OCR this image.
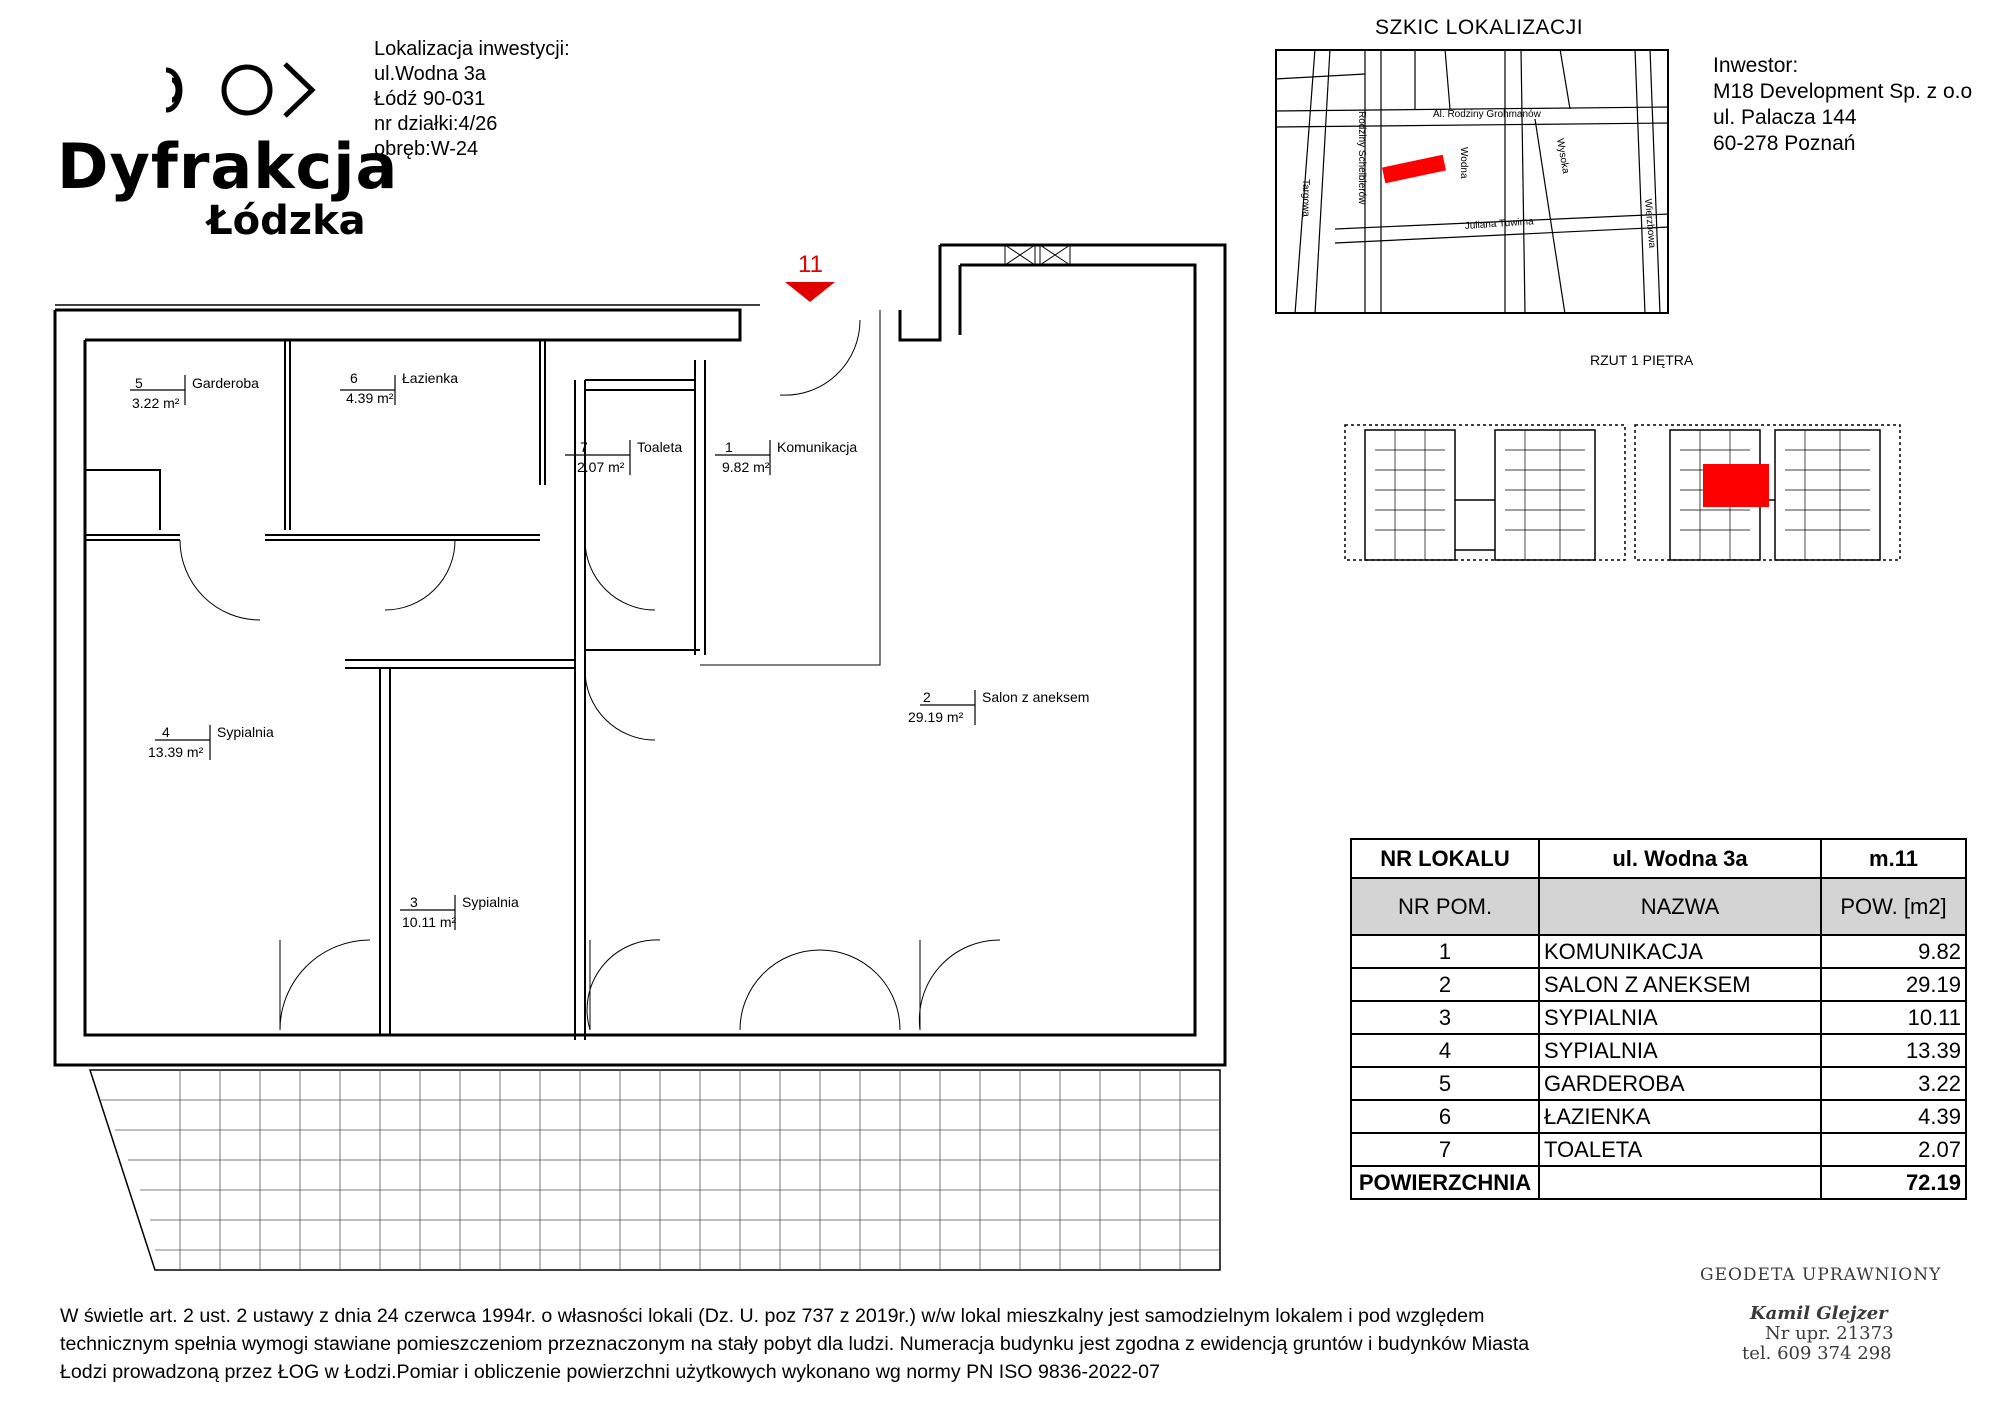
Dyfrakcja
Łódzka
Lokalizacja inwestycji:
ul.Wodna 3a
Łódź 90-031
nr działki:4/26
obręb:W-24
Inwestor:
M18 Development Sp. z o.o
ul. Palacza 144
60-278 Poznań
SZKIC LOKALIZACJI
Al. Rodziny Grohmanów
Rodziny Scheiblerów
Targowa
Wodna	Wysoka
Juliana Tuwima	Wierzbowa
RZUT 1 PIĘTRA
11
5	Garderoba
3.22 m²
6	Łazienka
4.39 m²
7	Toaleta
2.07 m²
1	Komunikacja
9.82 m²
2	Salon z aneksem
29.19 m²
4	Sypialnia
13.39 m²
3	Sypialnia
10.11 m²
NR LOKALU	ul. Wodna 3a	m.11
NR POM.	NAZWA	POW. [m2]
1	KOMUNIKACJA	9.82
2	SALON Z ANEKSEM	29.19
3	SYPIALNIA	10.11
4	SYPIALNIA	13.39
5	GARDEROBA	3.22
6	ŁAZIENKA	4.39
7	TOALETA	2.07
POWIERZCHNIA		72.19
W świetle art. 2 ust. 2 ustawy z dnia 24 czerwca 1994r. o własności lokali (Dz. U. poz 737 z 2019r.) w/w lokal mieszkalny jest samodzielnym lokalem i pod względem
technicznym spełnia wymogi stawiane pomieszczeniom przeznaczonym na stały pobyt dla ludzi. Numeracja budynku jest zgodna z ewidencją gruntów i budynków Miasta
Łodzi prowadzoną przez ŁOG w Łodzi.Pomiar i obliczenie powierzchni użytkowych wykonano wg normy PN ISO 9836-2022-07
GEODETA UPRAWNIONY
Kamil Glejzer
Nr upr. 21373
tel. 609 374 298
